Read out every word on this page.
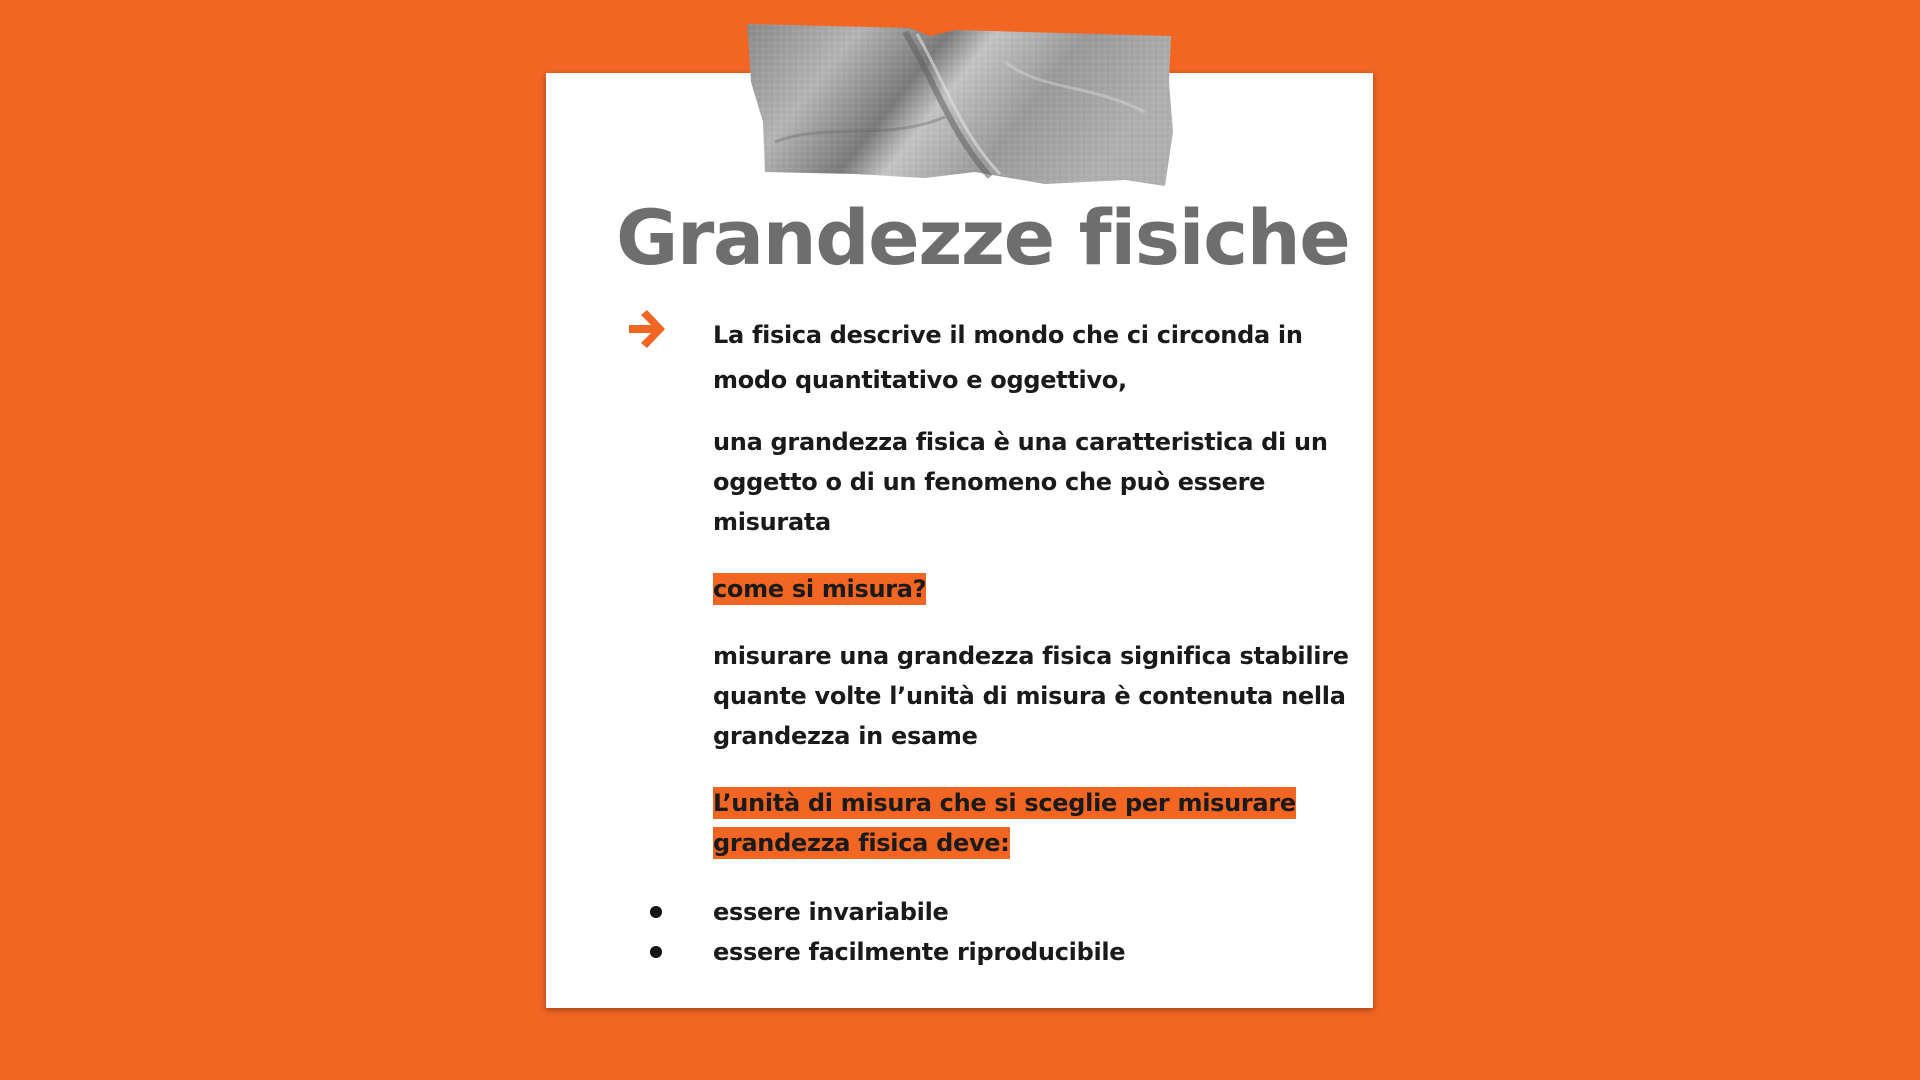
Grandezze fisiche

La fisica descrive il mondo che ci circonda in modo quantitativo e oggettivo,

una grandezza fisica è una caratteristica di un oggetto o di un fenomeno che può essere misurata

come si misura?

misurare una grandezza fisica significa stabilire quante volte l’unità di misura è contenuta nella grandezza in esame

L’unità di misura che si sceglie per misurare grandezza fisica deve:

essere invariabile
essere facilmente riproducibile
